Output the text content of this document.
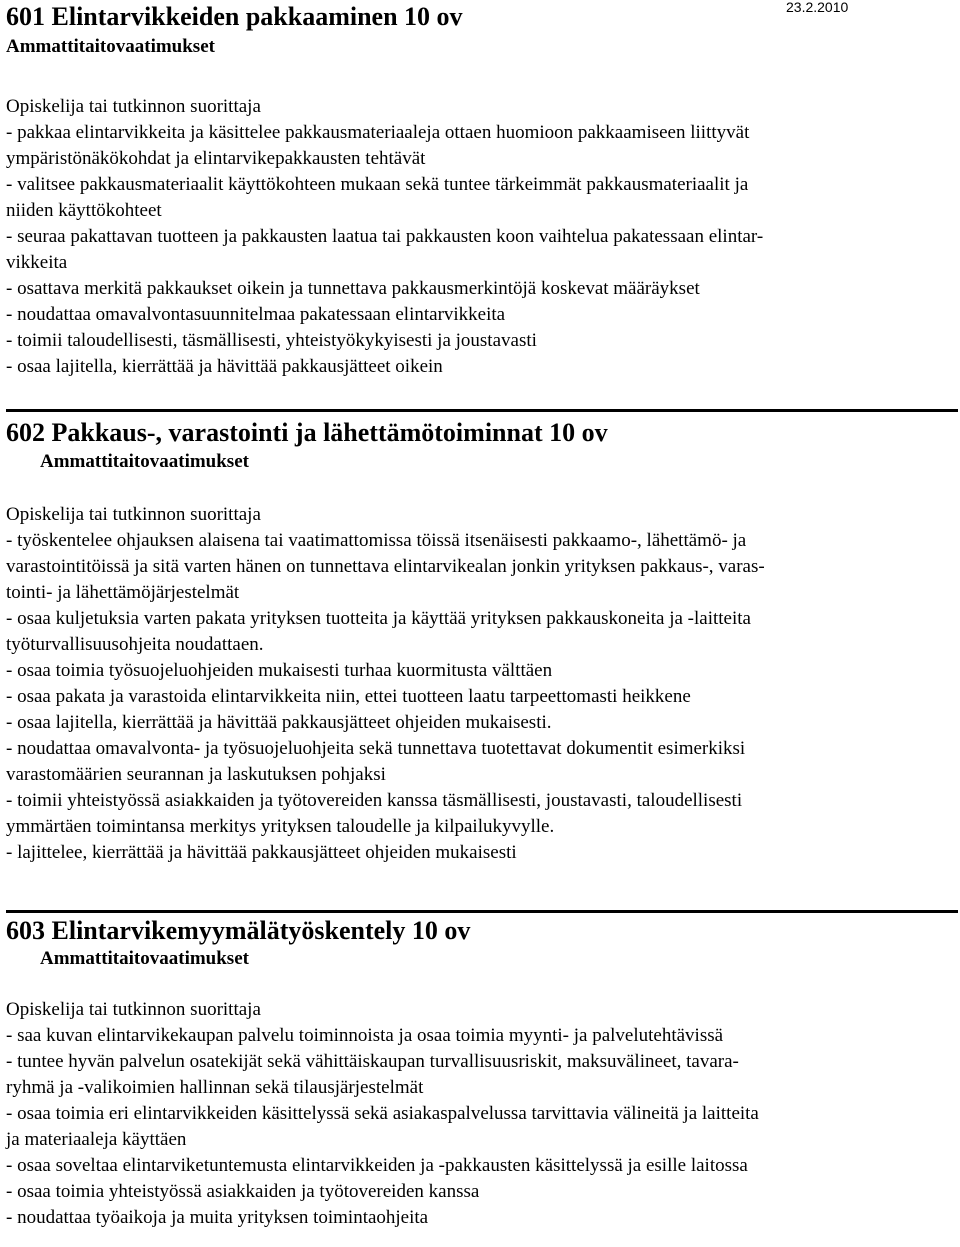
23.2.2010
601 Elintarvikkeiden pakkaaminen 10 ov
Ammattitaitovaatimukset
Opiskelija tai tutkinnon suorittaja
- pakkaa elintarvikkeita ja käsittelee pakkausmateriaaleja ottaen huomioon pakkaamiseen liittyvät
ympäristönäkökohdat ja elintarvikepakkausten tehtävät
- valitsee pakkausmateriaalit käyttökohteen mukaan sekä tuntee tärkeimmät pakkausmateriaalit ja
niiden käyttökohteet
- seuraa pakattavan tuotteen ja pakkausten laatua tai pakkausten koon vaihtelua pakatessaan elintar-
vikkeita
- osattava merkitä pakkaukset oikein ja tunnettava pakkausmerkintöjä koskevat määräykset
- noudattaa omavalvontasuunnitelmaa pakatessaan elintarvikkeita
- toimii taloudellisesti, täsmällisesti, yhteistyökykyisesti ja joustavasti
- osaa lajitella, kierrättää ja hävittää pakkausjätteet oikein
602 Pakkaus-, varastointi ja lähettämötoiminnat 10 ov
Ammattitaitovaatimukset
Opiskelija tai tutkinnon suorittaja
- työskentelee ohjauksen alaisena tai vaatimattomissa töissä itsenäisesti pakkaamo-, lähettämö- ja
varastointitöissä ja sitä varten hänen on tunnettava elintarvikealan jonkin yrityksen pakkaus-, varas-
tointi- ja lähettämöjärjestelmät
- osaa kuljetuksia varten pakata yrityksen tuotteita ja käyttää yrityksen pakkauskoneita ja -laitteita
työturvallisuusohjeita noudattaen.
- osaa toimia työsuojeluohjeiden mukaisesti turhaa kuormitusta välttäen
- osaa pakata ja varastoida elintarvikkeita niin, ettei tuotteen laatu tarpeettomasti heikkene
- osaa lajitella, kierrättää ja hävittää pakkausjätteet ohjeiden mukaisesti.
- noudattaa omavalvonta- ja työsuojeluohjeita sekä tunnettava tuotettavat dokumentit esimerkiksi
varastomäärien seurannan ja laskutuksen pohjaksi
- toimii yhteistyössä asiakkaiden ja työtovereiden kanssa täsmällisesti, joustavasti, taloudellisesti
ymmärtäen toimintansa merkitys yrityksen taloudelle ja kilpailukyvylle.
- lajittelee, kierrättää ja hävittää pakkausjätteet ohjeiden mukaisesti
603 Elintarvikemyymälätyöskentely 10 ov
Ammattitaitovaatimukset
Opiskelija tai tutkinnon suorittaja
- saa kuvan elintarvikekaupan palvelu toiminnoista ja osaa toimia myynti- ja palvelutehtävissä
- tuntee hyvän palvelun osatekijät sekä vähittäiskaupan turvallisuusriskit, maksuvälineet, tavara-
ryhmä ja -valikoimien hallinnan sekä tilausjärjestelmät
- osaa toimia eri elintarvikkeiden käsittelyssä sekä asiakaspalvelussa tarvittavia välineitä ja laitteita
ja materiaaleja käyttäen
- osaa soveltaa elintarviketuntemusta elintarvikkeiden ja -pakkausten käsittelyssä ja esille laitossa
- osaa toimia yhteistyössä asiakkaiden ja työtovereiden kanssa
- noudattaa työaikoja ja muita yrityksen toimintaohjeita
